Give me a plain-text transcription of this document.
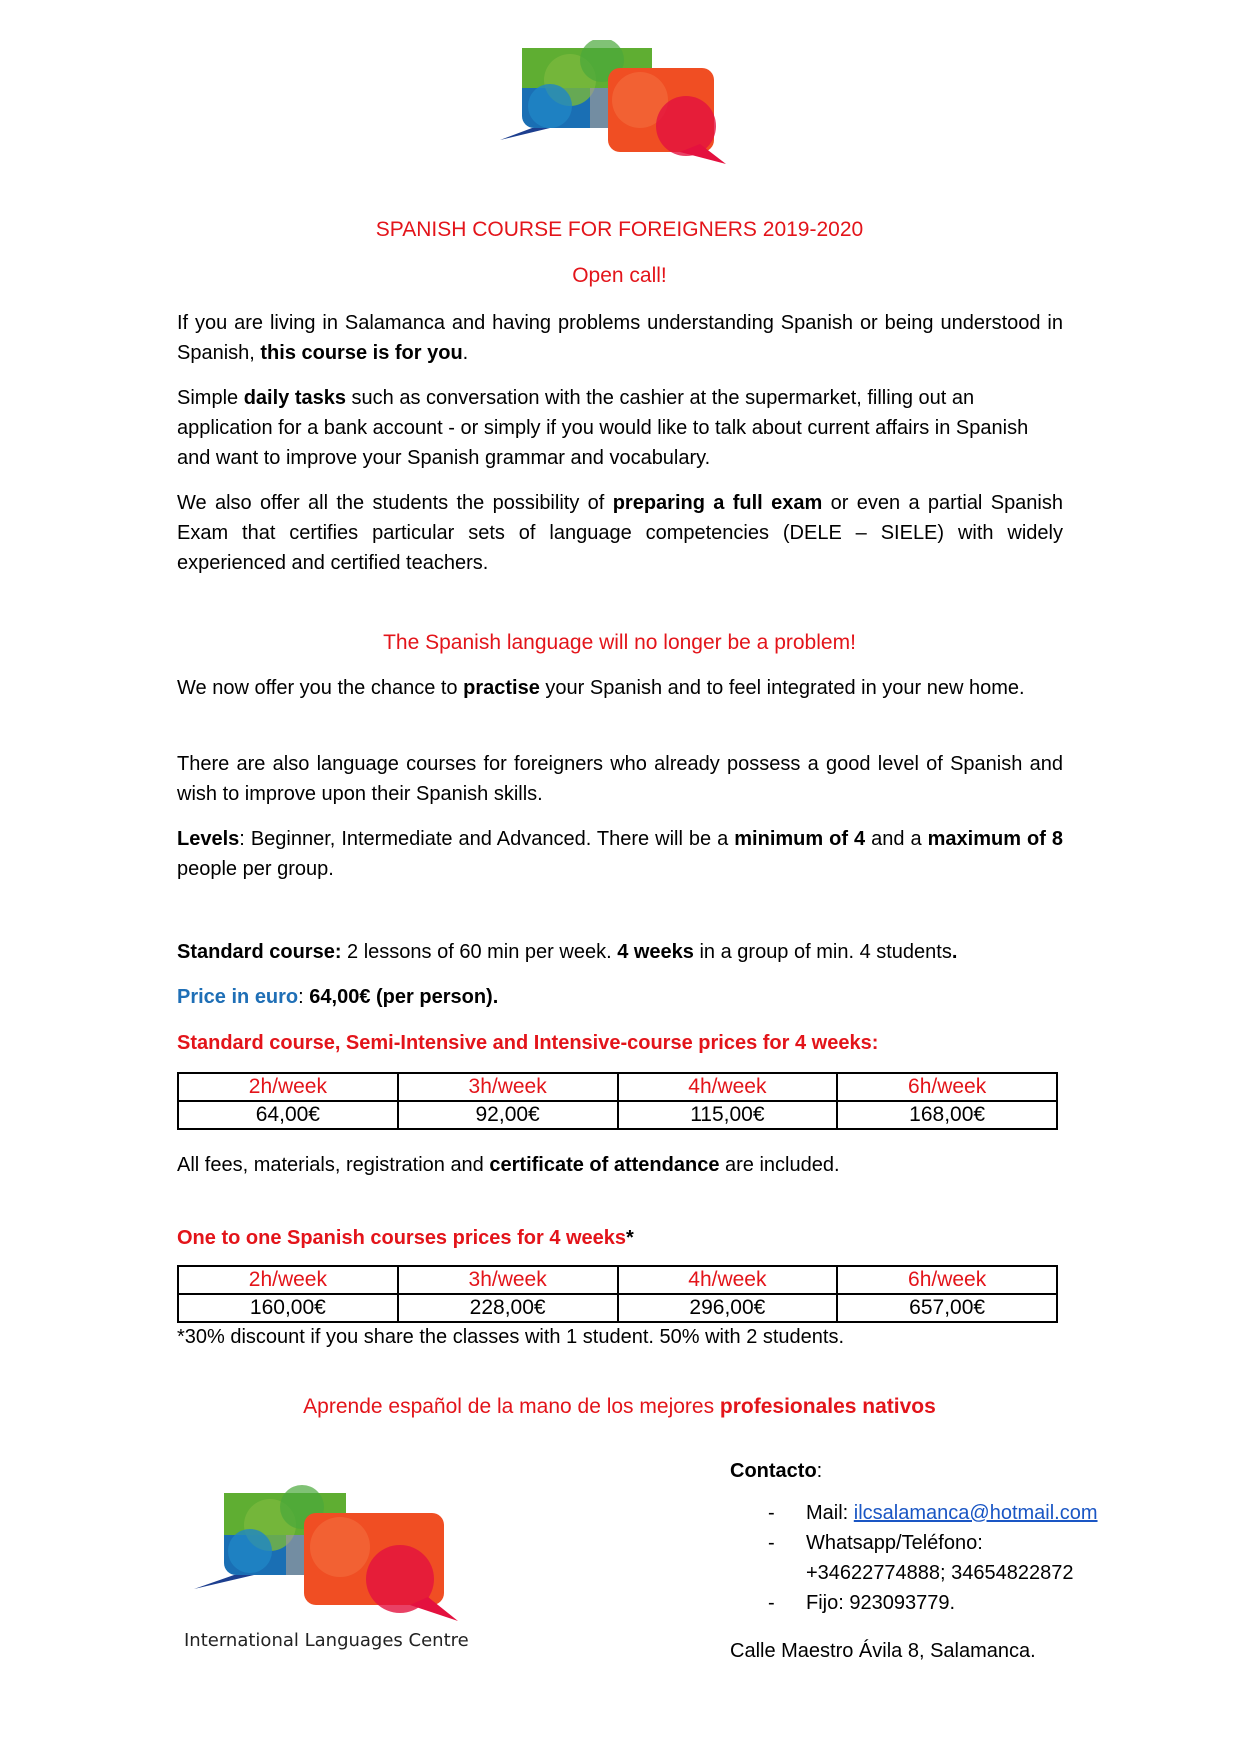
SPANISH COURSE FOR FOREIGNERS 2019-2020
Open call!

If you are living in Salamanca and having problems understanding Spanish or being understood in Spanish, this course is for you.

Simple daily tasks such as conversation with the cashier at the supermarket, filling out an application for a bank account - or simply if you would like to talk about current affairs in Spanish and want to improve your Spanish grammar and vocabulary.

We also offer all the students the possibility of preparing a full exam or even a partial Spanish Exam that certifies particular sets of language competencies (DELE – SIELE) with widely experienced and certified teachers.

The Spanish language will no longer be a problem!

We now offer you the chance to practise your Spanish and to feel integrated in your new home.

There are also language courses for foreigners who already possess a good level of Spanish and wish to improve upon their Spanish skills.

Levels: Beginner, Intermediate and Advanced. There will be a minimum of 4 and a maximum of 8 people per group.

Standard course: 2 lessons of 60 min per week. 4 weeks in a group of min. 4 students.

Price in euro: 64,00€ (per person).

Standard course, Semi-Intensive and Intensive-course prices for 4 weeks:

2h/week	3h/week	4h/week	6h/week
64,00€	92,00€	115,00€	168,00€

All fees, materials, registration and certificate of attendance are included.

One to one Spanish courses prices for 4 weeks*

2h/week	3h/week	4h/week	6h/week
160,00€	228,00€	296,00€	657,00€

*30% discount if you share the classes with 1 student. 50% with 2 students.

Aprende español de la mano de los mejores profesionales nativos
International Languages Centre
Contacto:
- Mail: ilcsalamanca@hotmail.com
- Whatsapp/Teléfono:
+34622774888; 34654822872
- Fijo: 923093779.
Calle Maestro Ávila 8, Salamanca.
